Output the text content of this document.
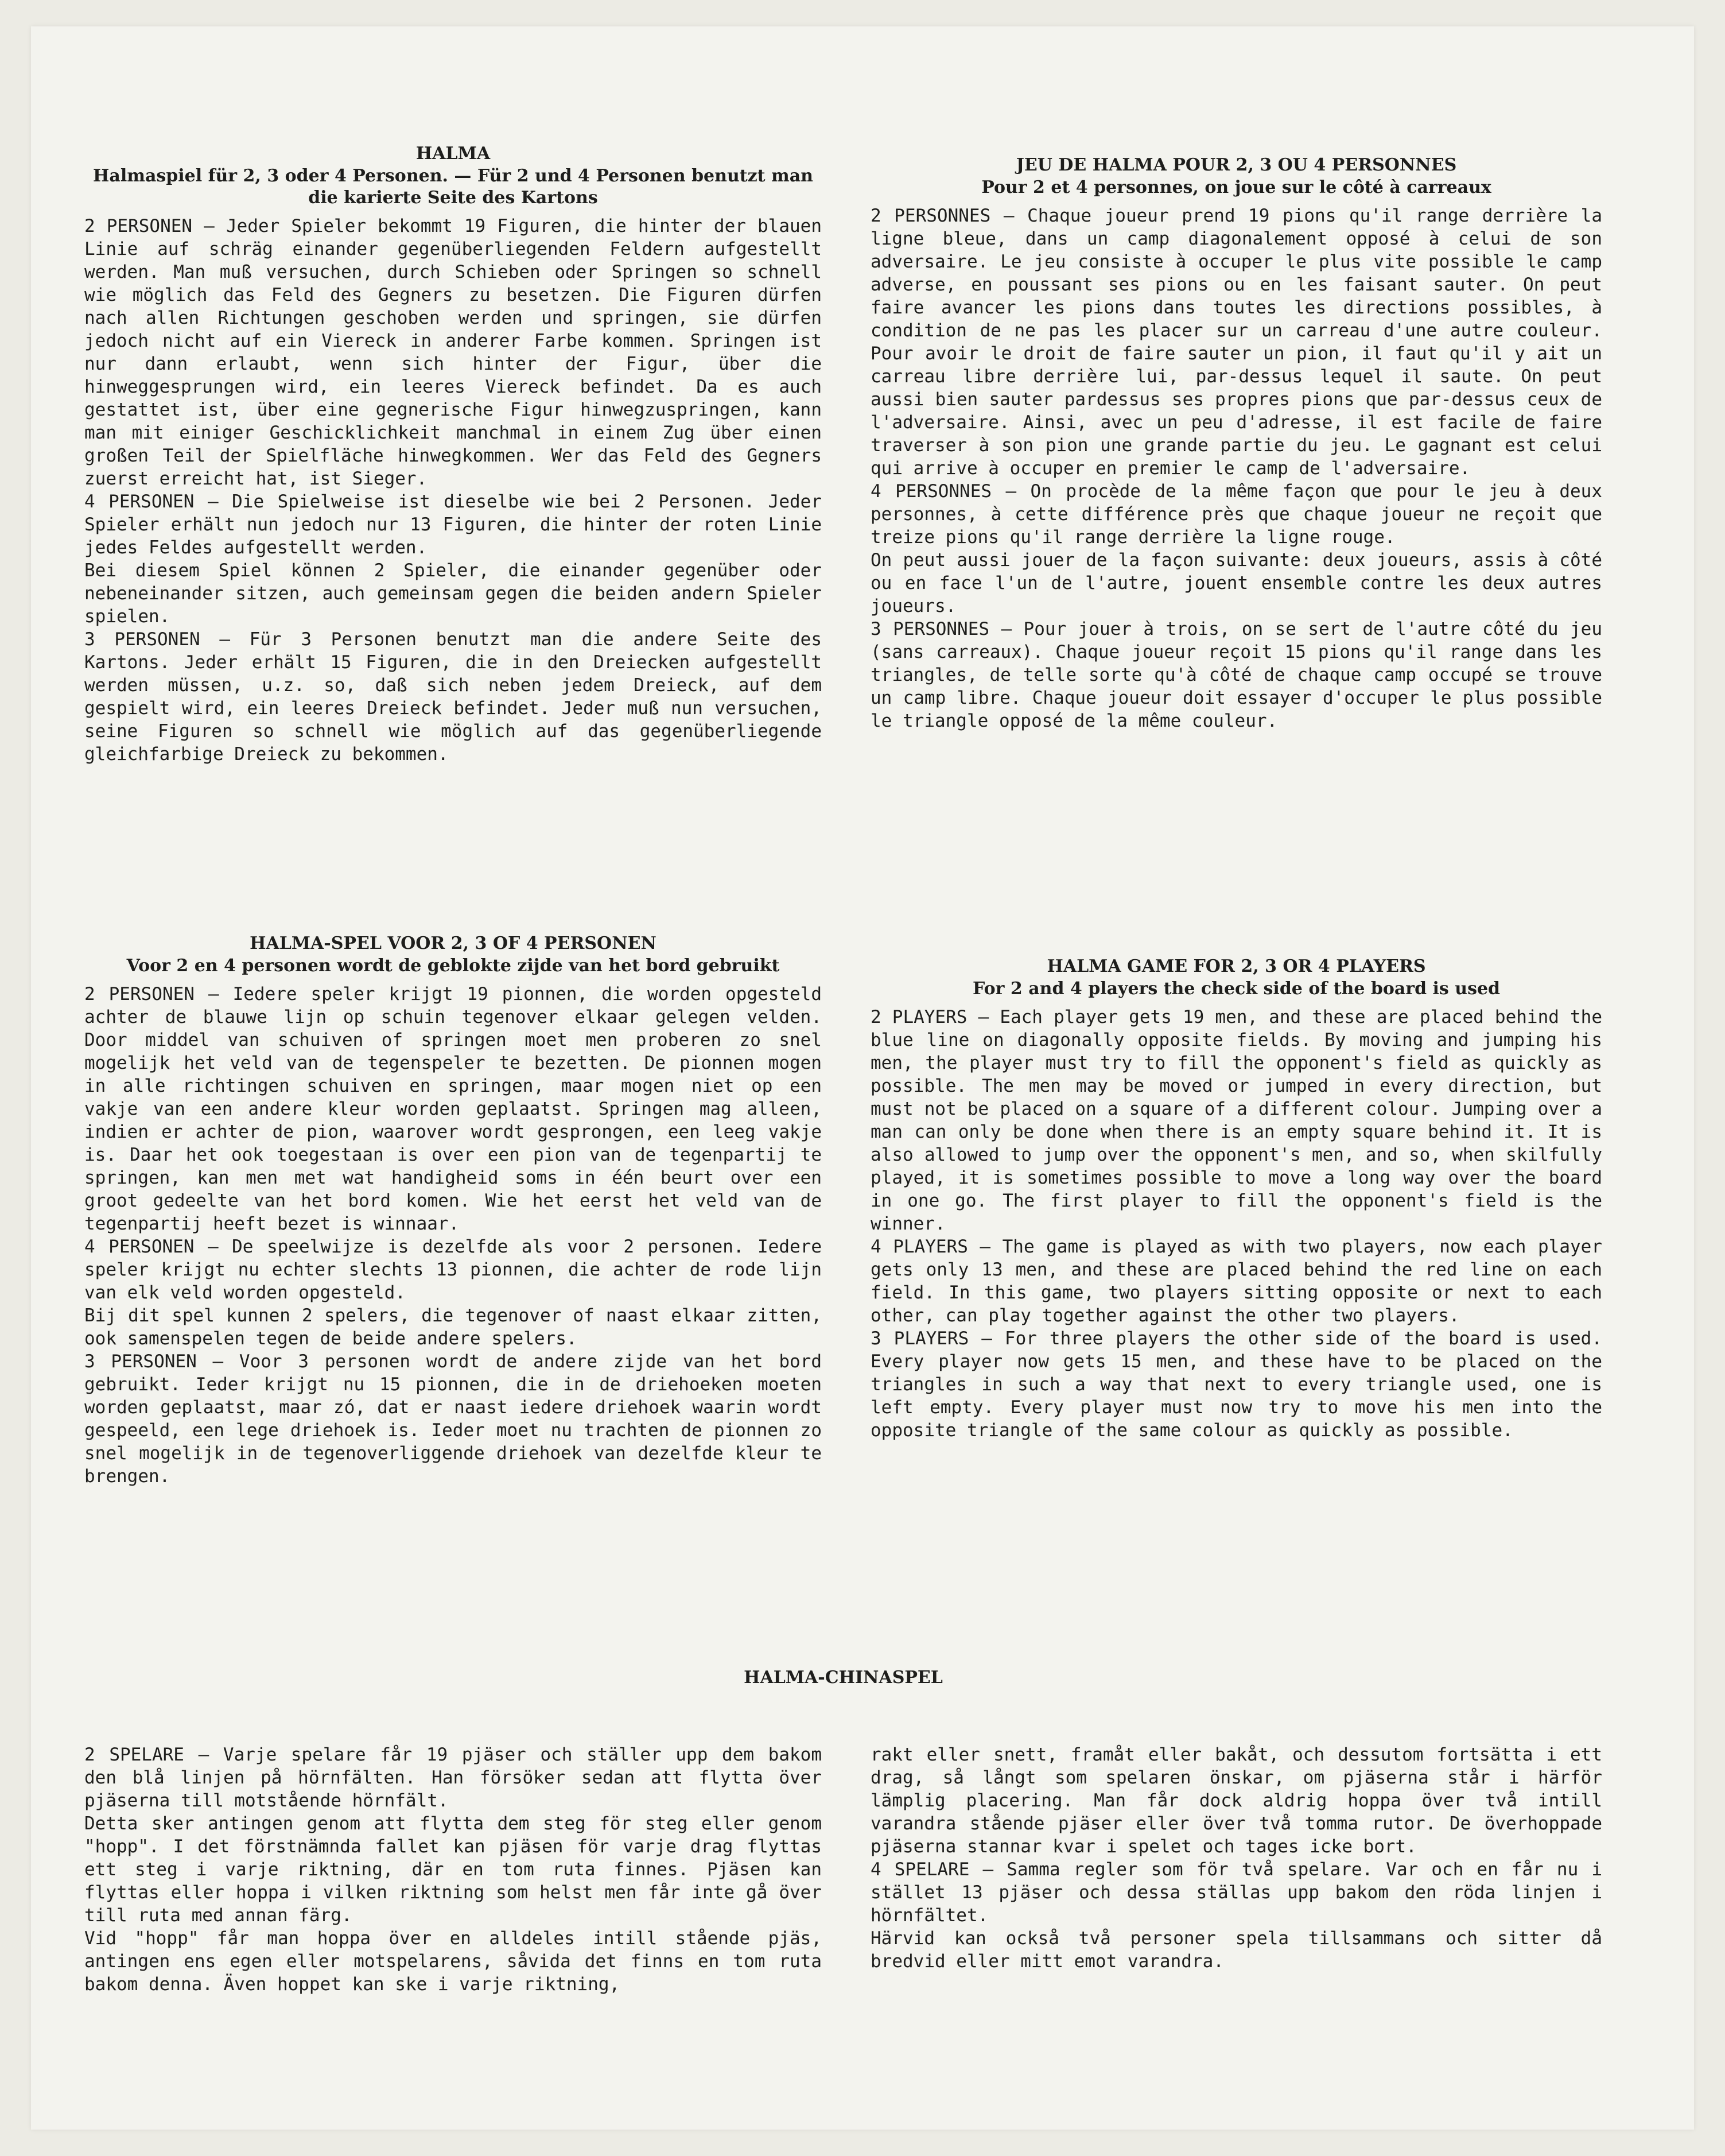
HALMA

Halmaspiel für 2, 3 oder 4 Personen. — Für 2 und 4 Personen benutzt man die karierte Seite des Kartons

2 PERSONEN — Jeder Spieler bekommt 19 Figuren, die hinter der blauen Linie auf schräg einander gegenüberliegenden Feldern aufgestellt werden. Man muß versuchen, durch Schieben oder Springen so schnell wie möglich das Feld des Gegners zu besetzen. Die Figuren dürfen nach allen Richtungen geschoben werden und springen, sie dürfen jedoch nicht auf ein Viereck in anderer Farbe kommen. Springen ist nur dann erlaubt, wenn sich hinter der Figur, über die hinweggesprungen wird, ein leeres Viereck befindet. Da es auch gestattet ist, über eine gegnerische Figur hinwegzuspringen, kann man mit einiger Geschicklichkeit manchmal in einem Zug über einen großen Teil der Spielfläche hinwegkommen. Wer das Feld des Gegners zuerst erreicht hat, ist Sieger.

4 PERSONEN — Die Spielweise ist dieselbe wie bei 2 Personen. Jeder Spieler erhält nun jedoch nur 13 Figuren, die hinter der roten Linie jedes Feldes aufgestellt werden.

Bei diesem Spiel können 2 Spieler, die einander gegenüber oder nebeneinander sitzen, auch gemeinsam gegen die beiden andern Spieler spielen.

3 PERSONEN — Für 3 Personen benutzt man die andere Seite des Kartons. Jeder erhält 15 Figuren, die in den Dreiecken aufgestellt werden müssen, u.z. so, daß sich neben jedem Dreieck, auf dem gespielt wird, ein leeres Dreieck befindet. Jeder muß nun versuchen, seine Figuren so schnell wie möglich auf das gegenüberliegende gleichfarbige Dreieck zu bekommen.

JEU DE HALMA POUR 2, 3 OU 4 PERSONNES

Pour 2 et 4 personnes, on joue sur le côté à carreaux

2 PERSONNES — Chaque joueur prend 19 pions qu'il range derrière la ligne bleue, dans un camp diagonalement opposé à celui de son adversaire. Le jeu consiste à occuper le plus vite possible le camp adverse, en poussant ses pions ou en les faisant sauter. On peut faire avancer les pions dans toutes les directions possibles, à condition de ne pas les placer sur un carreau d'une autre couleur. Pour avoir le droit de faire sauter un pion, il faut qu'il y ait un carreau libre derrière lui, par-dessus lequel il saute. On peut aussi bien sauter pardessus ses propres pions que par-dessus ceux de l'adversaire. Ainsi, avec un peu d'adresse, il est facile de faire traverser à son pion une grande partie du jeu. Le gagnant est celui qui arrive à occuper en premier le camp de l'adversaire.

4 PERSONNES — On procède de la même façon que pour le jeu à deux personnes, à cette différence près que chaque joueur ne reçoit que treize pions qu'il range derrière la ligne rouge.

On peut aussi jouer de la façon suivante: deux joueurs, assis à côté ou en face l'un de l'autre, jouent ensemble contre les deux autres joueurs.

3 PERSONNES — Pour jouer à trois, on se sert de l'autre côté du jeu (sans carreaux). Chaque joueur reçoit 15 pions qu'il range dans les triangles, de telle sorte qu'à côté de chaque camp occupé se trouve un camp libre. Chaque joueur doit essayer d'occuper le plus possible le triangle opposé de la même couleur.

HALMA-SPEL VOOR 2, 3 OF 4 PERSONEN

Voor 2 en 4 personen wordt de geblokte zijde van het bord gebruikt

2 PERSONEN — Iedere speler krijgt 19 pionnen, die worden opgesteld achter de blauwe lijn op schuin tegenover elkaar gelegen velden. Door middel van schuiven of springen moet men proberen zo snel mogelijk het veld van de tegenspeler te bezetten. De pionnen mogen in alle richtingen schuiven en springen, maar mogen niet op een vakje van een andere kleur worden geplaatst. Springen mag alleen, indien er achter de pion, waarover wordt gesprongen, een leeg vakje is. Daar het ook toegestaan is over een pion van de tegenpartij te springen, kan men met wat handigheid soms in één beurt over een groot gedeelte van het bord komen. Wie het eerst het veld van de tegenpartij heeft bezet is winnaar.

4 PERSONEN — De speelwijze is dezelfde als voor 2 personen. Iedere speler krijgt nu echter slechts 13 pionnen, die achter de rode lijn van elk veld worden opgesteld.

Bij dit spel kunnen 2 spelers, die tegenover of naast elkaar zitten, ook samenspelen tegen de beide andere spelers.

3 PERSONEN — Voor 3 personen wordt de andere zijde van het bord gebruikt. Ieder krijgt nu 15 pionnen, die in de driehoeken moeten worden geplaatst, maar zó, dat er naast iedere driehoek waarin wordt gespeeld, een lege driehoek is. Ieder moet nu trachten de pionnen zo snel mogelijk in de tegenoverliggende driehoek van dezelfde kleur te brengen.

HALMA GAME FOR 2, 3 OR 4 PLAYERS

For 2 and 4 players the check side of the board is used

2 PLAYERS — Each player gets 19 men, and these are placed behind the blue line on diagonally opposite fields. By moving and jumping his men, the player must try to fill the opponent's field as quickly as possible. The men may be moved or jumped in every direction, but must not be placed on a square of a different colour. Jumping over a man can only be done when there is an empty square behind it. It is also allowed to jump over the opponent's men, and so, when skilfully played, it is sometimes possible to move a long way over the board in one go. The first player to fill the opponent's field is the winner.

4 PLAYERS — The game is played as with two players, now each player gets only 13 men, and these are placed behind the red line on each field. In this game, two players sitting opposite or next to each other, can play together against the other two players.

3 PLAYERS — For three players the other side of the board is used. Every player now gets 15 men, and these have to be placed on the triangles in such a way that next to every triangle used, one is left empty. Every player must now try to move his men into the opposite triangle of the same colour as quickly as possible.

HALMA-CHINASPEL

2 SPELARE — Varje spelare får 19 pjäser och ställer upp dem bakom den blå linjen på hörnfälten. Han försöker sedan att flytta över pjäserna till motstående hörnfält.

Detta sker antingen genom att flytta dem steg för steg eller genom "hopp". I det förstnämnda fallet kan pjäsen för varje drag flyttas ett steg i varje riktning, där en tom ruta finnes. Pjäsen kan flyttas eller hoppa i vilken riktning som helst men får inte gå över till ruta med annan färg.

Vid "hopp" får man hoppa över en alldeles intill stående pjäs, antingen ens egen eller motspelarens, såvida det finns en tom ruta bakom denna. Även hoppet kan ske i varje riktning,

rakt eller snett, framåt eller bakåt, och dessutom fortsätta i ett drag, så långt som spelaren önskar, om pjäserna står i härför lämplig placering. Man får dock aldrig hoppa över två intill varandra stående pjäser eller över två tomma rutor. De överhoppade pjäserna stannar kvar i spelet och tages icke bort.

4 SPELARE — Samma regler som för två spelare. Var och en får nu i stället 13 pjäser och dessa ställas upp bakom den röda linjen i hörnfältet.

Härvid kan också två personer spela tillsammans och sitter då bredvid eller mitt emot varandra.
